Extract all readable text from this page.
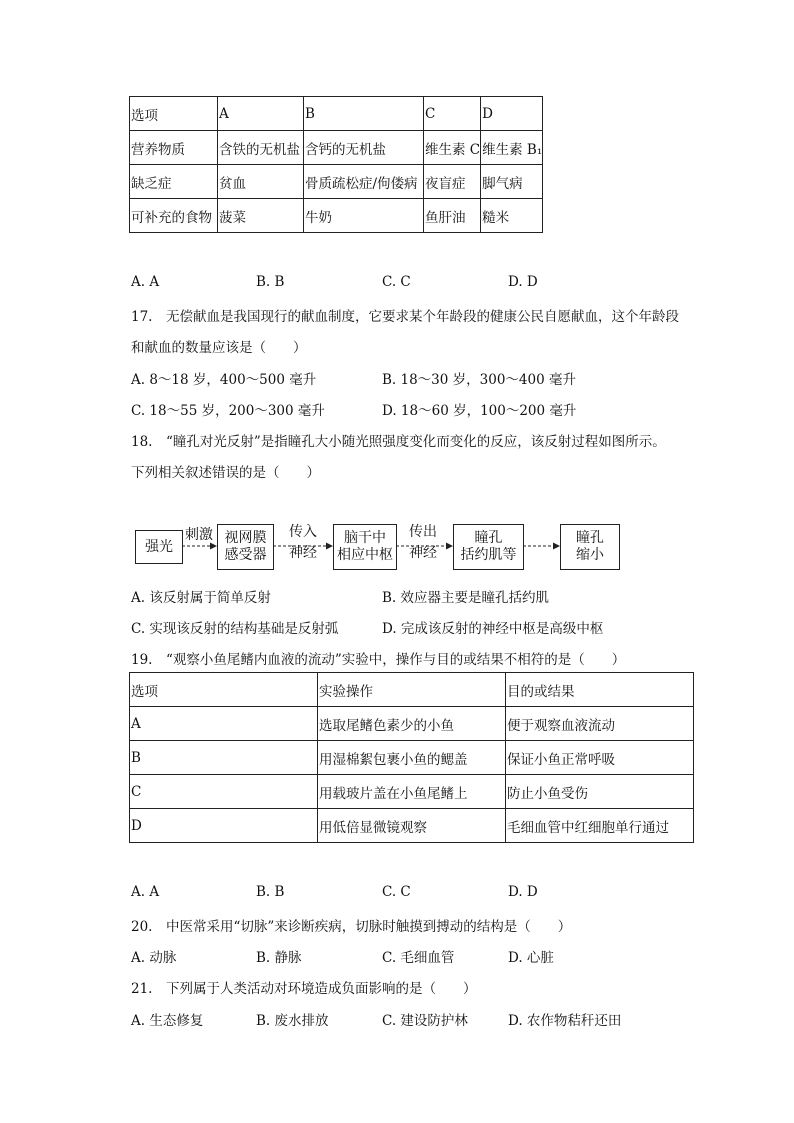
选项	A	B	C	D
营养物质	含铁的无机盐	含钙的无机盐	维生素 C	维生素 B₁
缺乏症	贫血	骨质疏松症/佝偻病	夜盲症	脚气病
可补充的食物	菠菜	牛奶	鱼肝油	糙米
A. A	B. B	C. C	D. D
17.　无偿献血是我国现行的献血制度，它要求某个年龄段的健康公民自愿献血，这个年龄段
和献血的数量应该是（　　）
A. 8～18 岁，400～500 毫升	B. 18～30 岁，300～400 毫升
C. 18～55 岁，200～300 毫升	D. 18～60 岁，100～200 毫升
18.　“瞳孔对光反射”是指瞳孔大小随光照强度变化而变化的反应，该反射过程如图所示。
下列相关叙述错误的是（　　）
强光
视网膜
感受器
脑干中
相应中枢
瞳孔
括约肌等
瞳孔
缩小
刺激	传入
神经
传出
神经
A. 该反射属于简单反射	B. 效应器主要是瞳孔括约肌
C. 实现该反射的结构基础是反射弧	D. 完成该反射的神经中枢是高级中枢
19.　“观察小鱼尾鳍内血液的流动”实验中，操作与目的或结果不相符的是（　　）
选项	实验操作	目的或结果
A	选取尾鳍色素少的小鱼	便于观察血液流动
B	用湿棉絮包裹小鱼的鳃盖	保证小鱼正常呼吸
C	用载玻片盖在小鱼尾鳍上	防止小鱼受伤
D	用低倍显微镜观察	毛细血管中红细胞单行通过
A. A	B. B	C. C	D. D
20.　中医常采用“切脉”来诊断疾病，切脉时触摸到搏动的结构是（　　）
A. 动脉	B. 静脉	C. 毛细血管	D. 心脏
21.　下列属于人类活动对环境造成负面影响的是（　　）
A. 生态修复	B. 废水排放	C. 建设防护林	D. 农作物秸秆还田
